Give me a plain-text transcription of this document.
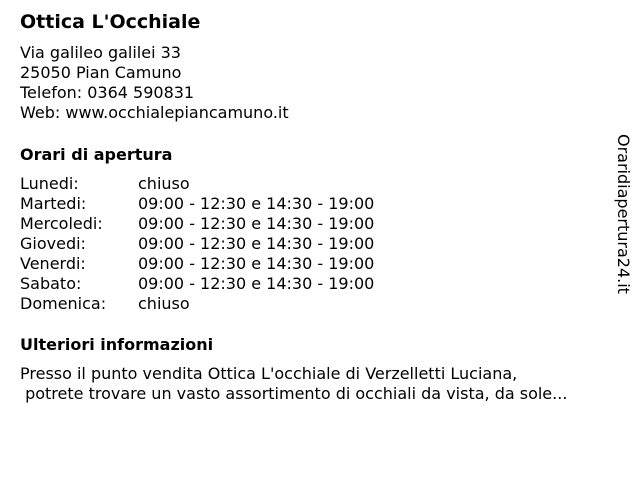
Ottica L'Occhiale
Via galileo galilei 33
25050 Pian Camuno
Telefon: 0364 590831
Web: www.occhialepiancamuno.it
Orari di apertura
Lunedi:	chiuso
Martedi:	09:00 - 12:30 e 14:30 - 19:00
Mercoledi:	09:00 - 12:30 e 14:30 - 19:00
Giovedi:	09:00 - 12:30 e 14:30 - 19:00
Venerdi:	09:00 - 12:30 e 14:30 - 19:00
Sabato:	09:00 - 12:30 e 14:30 - 19:00
Domenica:	chiuso
Ulteriori informazioni
Presso il punto vendita Ottica L'occhiale di Verzelletti Luciana,
potrete trovare un vasto assortimento di occhiali da vista, da sole...
Oraridiapertura24.it
